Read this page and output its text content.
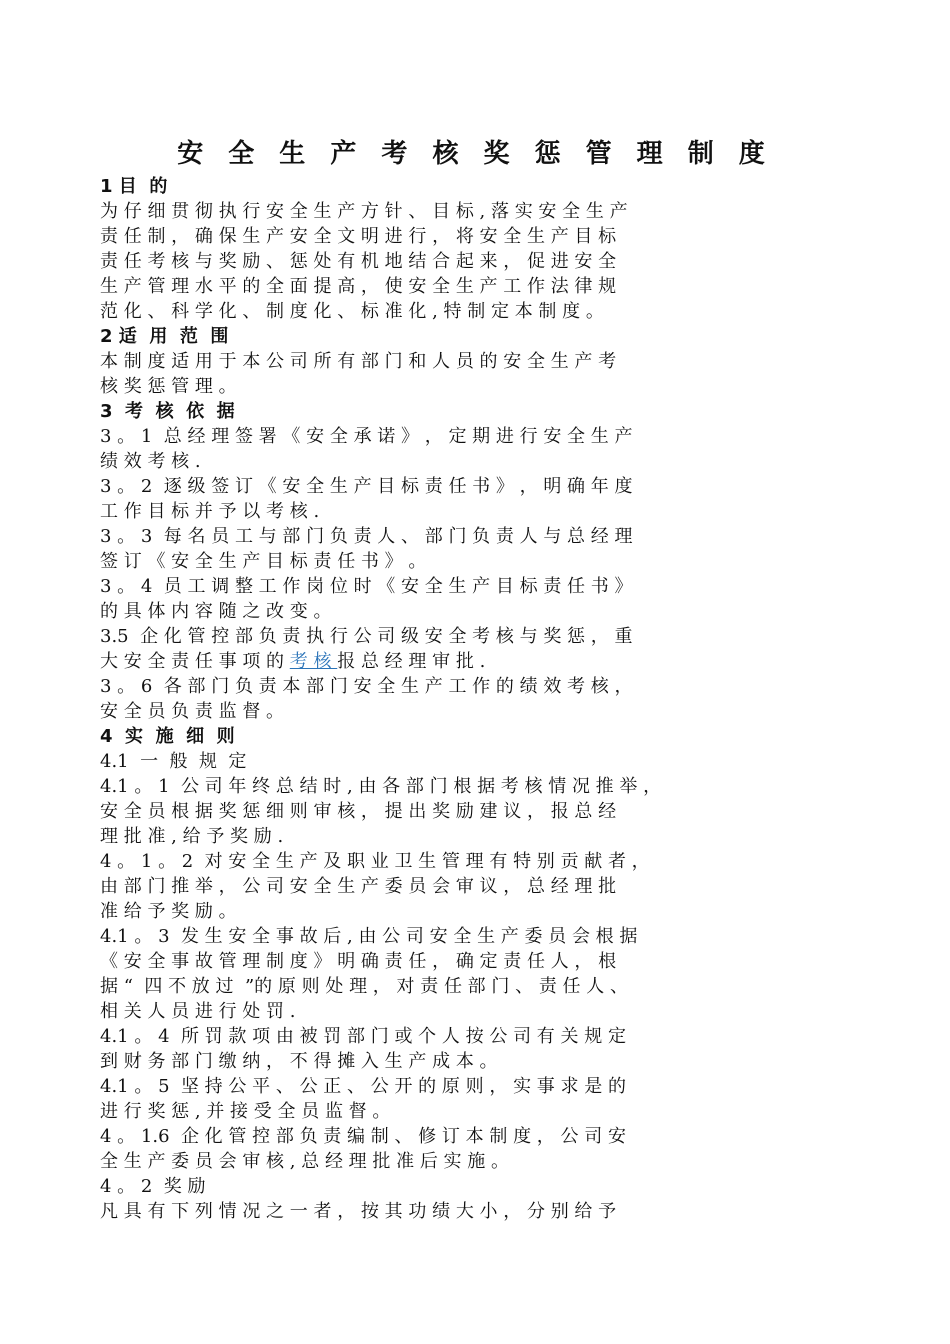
安 全 生 产 考 核 奖 惩 管 理 制 度
1 目  的
为 仔 细 贯 彻 执 行 安 全 生 产 方 针 、 目 标 , 落 实 安 全 生 产
责 任 制 ， 确 保 生 产 安 全 文 明 进 行 ， 将 安 全 生 产 目 标
责 任 考 核 与 奖 励 、 惩 处 有 机 地 结 合 起 来 ， 促 进 安 全
生 产 管 理 水 平 的 全 面 提 高 ， 使 安 全 生 产 工 作 法 律 规
范 化 、 科 学 化 、 制 度 化 、 标 准 化 , 特 制 定 本 制 度 。
2 适  用  范  围
本 制 度 适 用 于 本 公 司 所 有 部 门 和 人 员 的 安 全 生 产 考
核 奖 惩 管 理 。
3  考  核  依  据
3 。 1  总 经 理 签 署 《 安 全 承 诺 》 ， 定 期 进 行 安 全 生 产
绩 效 考 核 .
3 。 2  逐 级 签 订 《 安 全 生 产 目 标 责 任 书 》 ， 明 确 年 度
工 作 目 标 并 予 以 考 核 .
3 。 3  每 名 员 工 与 部 门 负 责 人 、 部 门 负 责 人 与 总 经 理
签 订 《 安 全 生 产 目 标 责 任 书 》 。
3 。 4  员 工 调 整 工 作 岗 位 时 《 安 全 生 产 目 标 责 任 书 》
的 具 体 内 容 随 之 改 变 。
3.5  企 化 管 控 部 负 责 执 行 公 司 级 安 全 考 核 与 奖 惩 ， 重
大 安 全 责 任 事 项 的 考 核 报 总 经 理 审 批 .
3 。 6  各 部 门 负 责 本 部 门 安 全 生 产 工 作 的 绩 效 考 核 ，
安 全 员 负 责 监 督 。
4  实  施  细  则
4.1  一  般  规  定
4.1 。 1  公 司 年 终 总 结 时 , 由 各 部 门 根 据 考 核 情 况 推 举 ，
安 全 员 根 据 奖 惩 细 则 审 核 ， 提 出 奖 励 建 议 ， 报 总 经
理 批 准 , 给 予 奖 励 .
4 。 1 。 2  对 安 全 生 产 及 职 业 卫 生 管 理 有 特 别 贡 献 者 ，
由 部 门 推 举 ， 公 司 安 全 生 产 委 员 会 审 议 ， 总 经 理 批
准 给 予 奖 励 。
4.1 。 3  发 生 安 全 事 故 后 , 由 公 司 安 全 生 产 委 员 会 根 据
《 安 全 事 故 管 理 制 度 》 明 确 责 任 ， 确 定 责 任 人 ， 根
据 “  四 不 放 过  ”的 原 则 处 理 ， 对 责 任 部 门 、 责 任 人 、
相 关 人 员 进 行 处 罚 .
4.1 。 4  所 罚 款 项 由 被 罚 部 门 或 个 人 按 公 司 有 关 规 定
到 财 务 部 门 缴 纳 ， 不 得 摊 入 生 产 成 本 。
4.1 。 5  坚 持 公 平 、 公 正 、 公 开 的 原 则 ， 实 事 求 是 的
进 行 奖 惩 , 并 接 受 全 员 监 督 。
4 。 1.6  企 化 管 控 部 负 责 编 制 、 修 订 本 制 度 ， 公 司 安
全 生 产 委 员 会 审 核 , 总 经 理 批 准 后 实 施 。
4 。 2  奖 励
凡 具 有 下 列 情 况 之 一 者 ， 按 其 功 绩 大 小 ， 分 别 给 予
